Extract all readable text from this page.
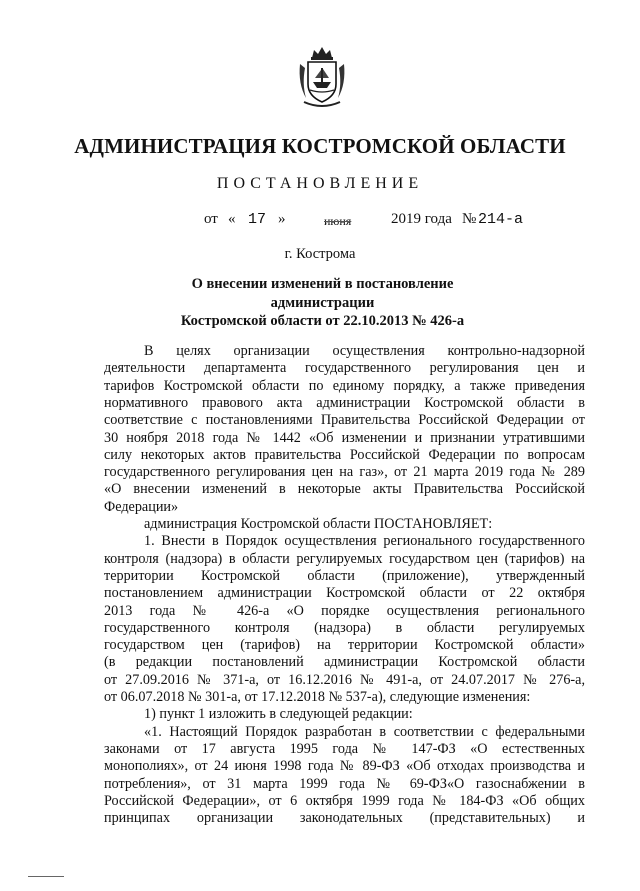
АДМИНИСТРАЦИЯ КОСТРОМСКОЙ ОБЛАСТИ
ПОСТАНОВЛЕНИЕ
от « 17 »	июня	2019 года № 214-а
г. Кострома
О внесении изменений в постановление администрации
Костромской области от 22.10.2013 № 426-а
В целях организации осуществления контрольно-надзорной
деятельности департамента государственного регулирования цен и
тарифов Костромской области по единому порядку, а также приведения
нормативного правового акта администрации Костромской области в
соответствие с постановлениями Правительства Российской Федерации от
30 ноября 2018 года № 1442 «Об изменении и признании утратившими
силу некоторых актов правительства Российской Федерации по вопросам
государственного регулирования цен на газ», от 21 марта 2019 года № 289
«О внесении изменений в некоторые акты Правительства Российской
Федерации»
администрация Костромской области ПОСТАНОВЛЯЕТ:
1. Внести в Порядок осуществления регионального государственного
контроля (надзора) в области регулируемых государством цен (тарифов) на
территории Костромской области (приложение), утвержденный
постановлением администрации Костромской области от 22 октября
2013 года № 426-а «О порядке осуществления регионального
государственного контроля (надзора) в области регулируемых
государством цен (тарифов) на территории Костромской области»
(в редакции постановлений администрации Костромской области
от 27.09.2016 № 371-а, от 16.12.2016 № 491-а, от 24.07.2017 № 276-а,
от 06.07.2018 № 301-а, от 17.12.2018 № 537-а), следующие изменения:
1) пункт 1 изложить в следующей редакции:
«1. Настоящий Порядок разработан в соответствии с федеральными
законами от 17 августа 1995 года № 147-ФЗ «О естественных
монополиях», от 24 июня 1998 года № 89-ФЗ «Об отходах производства и
потребления», от 31 марта 1999 года № 69-ФЗ«О газоснабжении в
Российской Федерации», от 6 октября 1999 года № 184-ФЗ «Об общих
принципах организации законодательных (представительных) и
